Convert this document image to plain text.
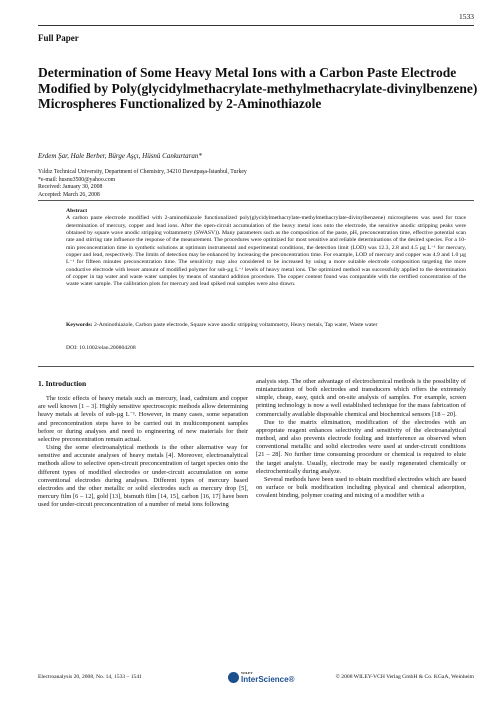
1533
Full Paper
Determination of Some Heavy Metal Ions with a Carbon Paste Electrode Modified by Poly(glycidylmethacrylate-methylmethacrylate-divinylbenzene) Microspheres Functionalized by 2-Aminothiazole
Erdem Şar, Hale Berber, Bürge Aşçı, Hüsnü Cankurtaran*
Yıldız Technical University, Department of Chemistry, 34210 Davutpaşa-İstanbul, Turkey
*e-mail: husnu3500@yahoo.com
Received: January 30, 2008
Accepted: March 26, 2008
Abstract
A carbon paste electrode modified with 2-aminothiazole functionalized poly(glycidylmethacrylate-methylmethacrylate-divinylbenzene) microspheres was used for trace determination of mercury, copper and lead ions. After the open-circuit accumulation of the heavy metal ions onto the electrode, the sensitive anodic stripping peaks were obtained by square wave anodic stripping voltammetry (SWASV)). Many parameters such as the composition of the paste, pH, preconcentration time, effective potential scan rate and stirring rate influence the response of the measurement. The procedures were optimized for most sensitive and reliable determinations of the desired species. For a 10-min preconcentration time in synthetic solutions at optimum instrumental and experimental conditions, the detection limit (LOD) was 12.3, 2.8 and 4.5 µg L⁻¹ for mercury, copper and lead, respectively. The limits of detection may be enhanced by increasing the preconcentration time. For example, LOD of mercury and copper was 4.9 and 1.0 µg L⁻¹ for fifteen minutes preconcentration time. The sensitivity may also considered to be increased by using a more suitable electrode composition targeting the more conductive electrode with lesser amount of modified polymer for sub-µg L⁻¹ levels of heavy metal ions. The optimized method was successfully applied to the determination of copper in tap water and waste water samples by means of standard addition procedure. The copper content found was comparable with the certified concentration of the waste water sample. The calibration plots for mercury and lead spiked real samples were also drawn.
Keywords: 2-Aminothiazole, Carbon paste electrode, Square wave anodic stripping voltammetry, Heavy metals, Tap water, Waste water
DOI: 10.1002/elan.200804208
1. Introduction

The toxic effects of heavy metals such as mercury, lead, cadmium and copper are well known [1 – 3]. Highly sensitive spectroscopic methods allow determining heavy metals at levels of sub-µg L⁻¹. However, in many cases, some separation and preconcentration steps have to be carried out in multicomponent samples before or during analyses and need to engineering of new materials for their selective preconcentration remain actual.

Using the some electroanalytical methods is the other alternative way for sensitive and accurate analyses of heavy metals [4]. Moreover, electroanalytical methods allow to selective open-circuit preconcentration of target species onto the different types of modified electrodes or under-circuit accumulation on some conventional electrodes during analyses. Different types of mercury based electrodes and the other metallic or solid electrodes such as mercury drop [5], mercury film [6 – 12], gold [13], bismuth film [14, 15], carbon [16, 17] have been used for under-circuit preconcentration of a number of metal ions following

analysis step. The other advantage of electrochemical methods is the possibility of miniaturization of both electrodes and transducers which offers the extremely simple, cheap, easy, quick and on-site analysis of samples. For example, screen printing technology is now a well established technique for the mass fabrication of commercially available disposable chemical and biochemical sensors [18 – 20].

Due to the matrix elimination, modification of the electrodes with an appropriate reagent enhances selectivity and sensitivity of the electroanalytical method, and also prevents electrode fouling and interference as observed when conventional metallic and solid electrodes were used at under-circuit conditions [21 – 28]. No further time consuming procedure or chemical is required to elute the target analyte. Usually, electrode may be easily regenerated chemically or electrochemically during analyze.

Several methods have been used to obtain modified electrodes which are based on surface or bulk modification including physical and chemical adsorption, covalent binding, polymer coating and mixing of a modifier with a

Electroanalysis 20, 2008, No. 14, 1533 – 1541
WILEY
InterScience®	© 2008 WILEY-VCH Verlag GmbH & Co. KGaA, Weinheim
